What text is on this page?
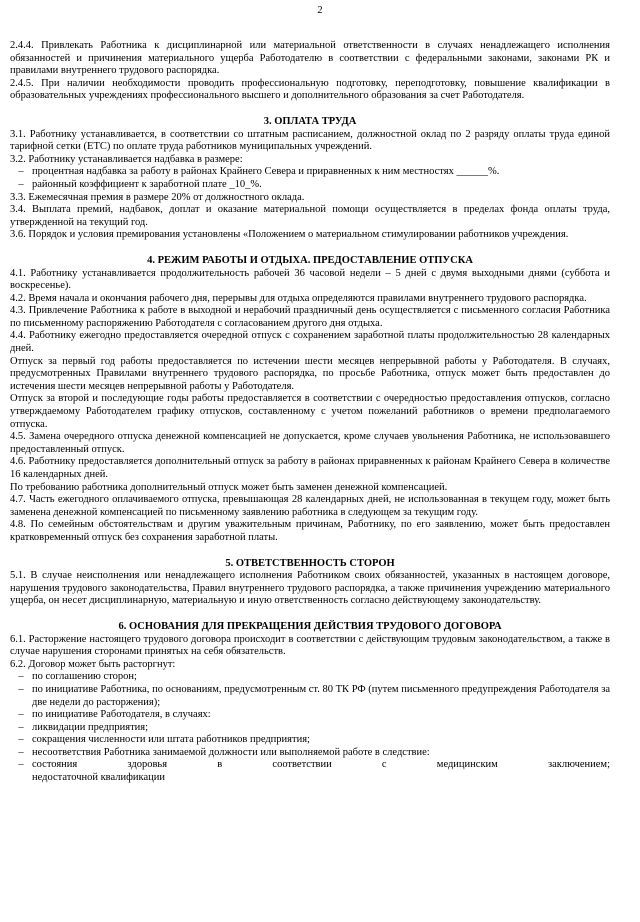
2

2.4.4. Привлекать Работника к дисциплинарной или материальной ответственности в случаях ненадлежащего исполнения обязанностей и причинения материального ущерба Работодателю в соответствии с федеральными законами, законами РК и правилами внутреннего трудового распорядка.

2.4.5. При наличии необходимости проводить профессиональную подготовку, переподготовку, повышение квалификации в образовательных учреждениях профессионального высшего и дополнительного образования за счет Работодателя.

3. ОПЛАТА ТРУДА

3.1. Работнику устанавливается, в соответствии со штатным расписанием, должностной оклад по 2 разряду оплаты труда единой тарифной сетки (ЕТС) по оплате труда работников муниципальных учреждений.

3.2. Работнику устанавливается надбавка в размере:

– процентная надбавка за работу в районах Крайнего Севера и приравненных к ним местностях ______%.
– районный коэффициент к заработной плате _10_%.

3.3. Ежемесячная премия в размере 20% от должностного оклада.

3.4. Выплата премий, надбавок, доплат и оказание материальной помощи осуществляется в пределах фонда оплаты труда, утвержденной на текущий год.

3.6. Порядок и условия премирования установлены «Положением о материальном стимулировании работников учреждения.

4. РЕЖИМ РАБОТЫ И ОТДЫХА. ПРЕДОСТАВЛЕНИЕ ОТПУСКА

4.1. Работнику устанавливается продолжительность рабочей 36 часовой недели – 5 дней с двумя выходными днями (суббота и воскресенье).

4.2. Время начала и окончания рабочего дня, перерывы для отдыха определяются правилами внутреннего трудового распорядка.

4.3. Привлечение Работника к работе в выходной и нерабочий праздничный день осуществляется с письменного согласия Работника по письменному распоряжению Работодателя с согласованием другого дня отдыха.

4.4. Работнику ежегодно предоставляется очередной отпуск с сохранением заработной платы продолжительностью 28 календарных дней.

Отпуск за первый год работы предоставляется по истечении шести месяцев непрерывной работы у Работодателя. В случаях, предусмотренных Правилами внутреннего трудового распорядка, по просьбе Работника, отпуск может быть предоставлен до истечения шести месяцев непрерывной работы у Работодателя.

Отпуск за второй и последующие годы работы предоставляется в соответствии с очередностью предоставления отпусков, согласно утверждаемому Работодателем графику отпусков, составленному с учетом пожеланий работников о времени предполагаемого отпуска.

4.5. Замена очередного отпуска денежной компенсацией не допускается, кроме случаев увольнения Работника, не использовавшего предоставленный отпуск.

4.6. Работнику предоставляется дополнительный отпуск за работу в районах приравненных к районам Крайнего Севера в количестве 16 календарных дней.

По требованию работника дополнительный отпуск может быть заменен денежной компенсацией.

4.7. Часть ежегодного оплачиваемого отпуска, превышающая 28 календарных дней, не использованная в текущем году, может быть заменена денежной компенсацией по письменному заявлению работника в следующем за текущим году.

4.8. По семейным обстоятельствам и другим уважительным причинам, Работнику, по его заявлению, может быть предоставлен кратковременный отпуск без сохранения заработной платы.

5. ОТВЕТСТВЕННОСТЬ СТОРОН

5.1. В случае неисполнения или ненадлежащего исполнения Работником своих обязанностей, указанных в настоящем договоре, нарушения трудового законодательства, Правил внутреннего трудового распорядка, а также причинения учреждению материального ущерба, он несет дисциплинарную, материальную и иную ответственность согласно действующему законодательству.

6. ОСНОВАНИЯ ДЛЯ ПРЕКРАЩЕНИЯ ДЕЙСТВИЯ ТРУДОВОГО ДОГОВОРА

6.1. Расторжение настоящего трудового договора происходит в соответствии с действующим трудовым законодательством, а также в случае нарушения сторонами принятых на себя обязательств.

6.2. Договор может быть расторгнут:

– по соглашению сторон;
– по инициативе Работника, по основаниям, предусмотренным ст. 80 ТК РФ (путем письменного предупреждения Работодателя за две недели до расторжения);
– по инициативе Работодателя, в случаях:
– ликвидации предприятия;
– сокращения численности или штата работников предприятия;
– несоответствия Работника занимаемой должности или выполняемой работе в следствие:
– состояния здоровья в соответствии с медицинским заключением;
недостаточной квалификации
